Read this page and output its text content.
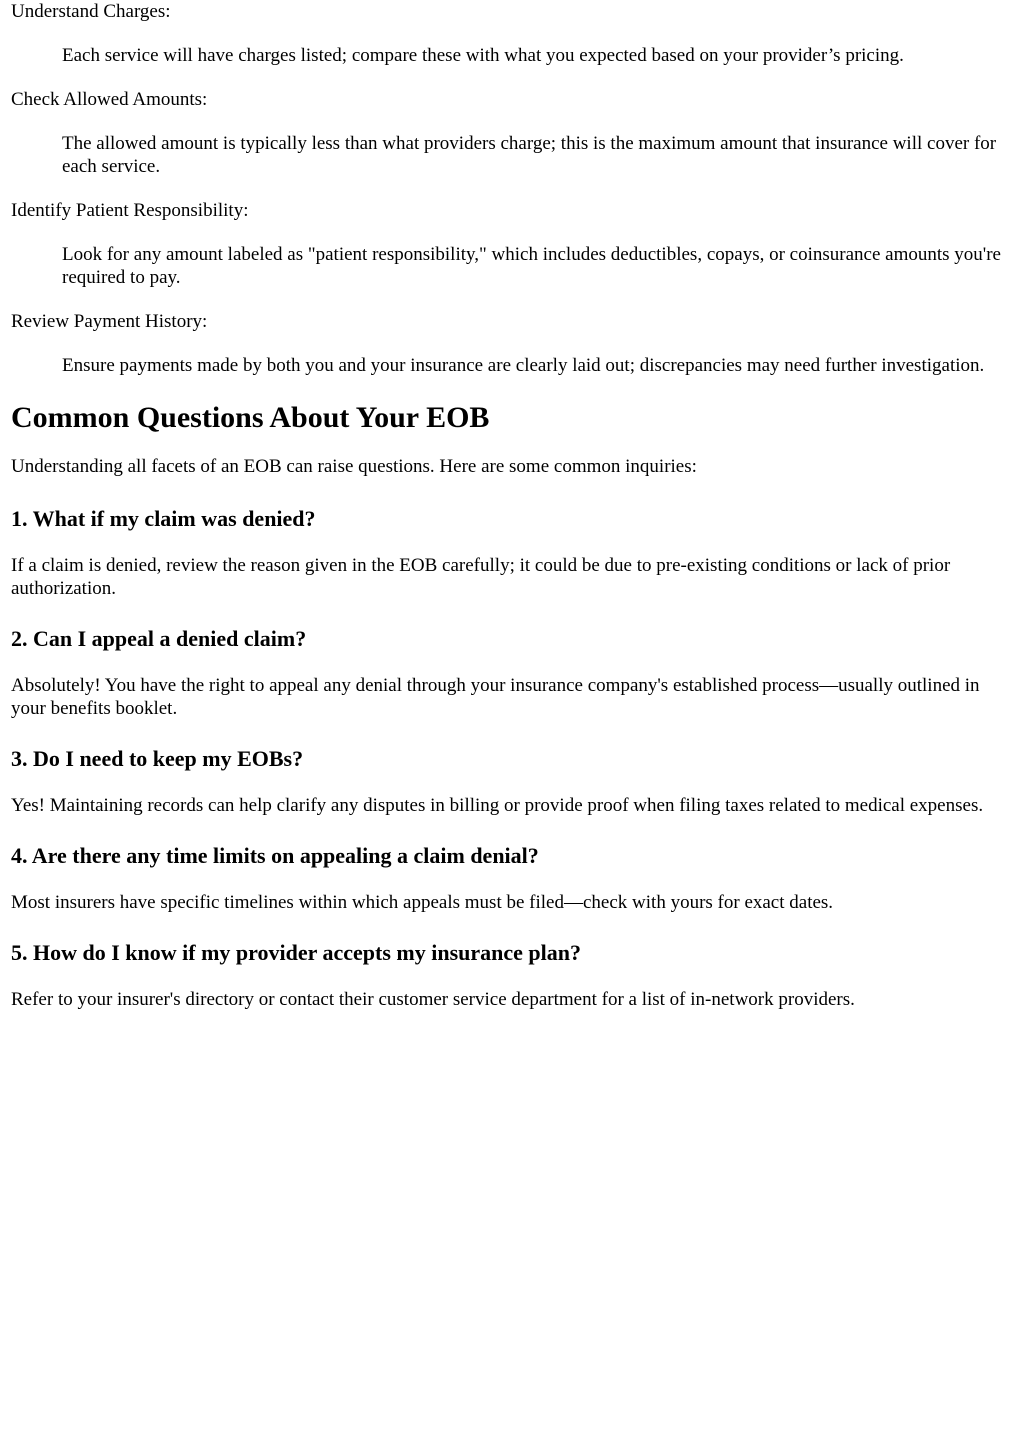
Understand Charges:
Each service will have charges listed; compare these with what you expected based on your provider’s pricing.
Check Allowed Amounts:
The allowed amount is typically less than what providers charge; this is the maximum amount that insurance will cover for each service.
Identify Patient Responsibility:
Look for any amount labeled as "patient responsibility," which includes deductibles, copays, or coinsurance amounts you're required to pay.
Review Payment History:
Ensure payments made by both you and your insurance are clearly laid out; discrepancies may need further investigation.
Common Questions About Your EOB

Understanding all facets of an EOB can raise questions. Here are some common inquiries:

1. What if my claim was denied?

If a claim is denied, review the reason given in the EOB carefully; it could be due to pre-existing conditions or lack of prior authorization.

2. Can I appeal a denied claim?

Absolutely! You have the right to appeal any denial through your insurance company's established process—usually outlined in your benefits booklet.

3. Do I need to keep my EOBs?

Yes! Maintaining records can help clarify any disputes in billing or provide proof when filing taxes related to medical expenses.

4. Are there any time limits on appealing a claim denial?

Most insurers have specific timelines within which appeals must be filed—check with yours for exact dates.

5. How do I know if my provider accepts my insurance plan?

Refer to your insurer's directory or contact their customer service department for a list of in-network providers.
